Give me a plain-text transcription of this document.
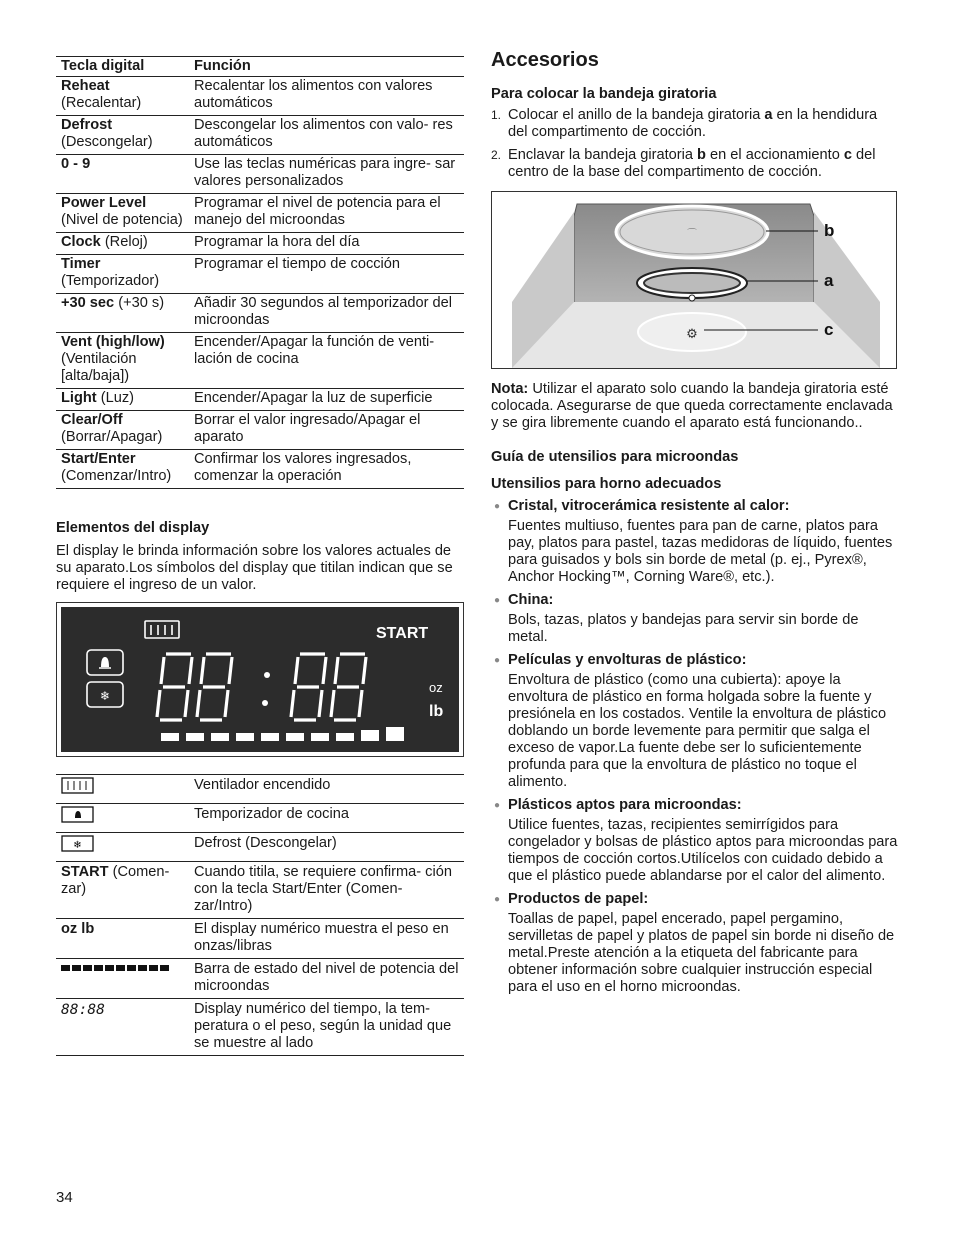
Tecla digital	Función
Reheat (Recalentar)	Recalentar los alimentos con valores automáticos
Defrost (Descongelar)	Descongelar los alimentos con valo- res automáticos
0 - 9	Use las teclas numéricas para ingre- sar valores personalizados
Power Level (Nivel de potencia)	Programar el nivel de potencia para el manejo del microondas
Clock (Reloj)	Programar la hora del día
Timer (Temporizador)	Programar el tiempo de cocción
+30 sec (+30 s)	Añadir 30 segundos al temporizador del microondas
Vent (high/low) (Ventilación [alta/baja])	Encender/Apagar la función de venti- lación de cocina
Light (Luz)	Encender/Apagar la luz de superficie
Clear/Off (Borrar/Apagar)	Borrar el valor ingresado/Apagar el aparato
Start/Enter (Comenzar/Intro)	Confirmar los valores ingresados, comenzar la operación

Elementos del display

El display le brinda información sobre los valores actuales de su aparato.Los símbolos del display que titilan indican que se requiere el ingreso de un valor.

START
❄
oz
lb
	Ventilador encendido
	Temporizador de cocina

❄	Defrost (Descongelar)
START (Comen- zar)	Cuando titila, se requiere confirma- ción con la tecla Start/Enter (Comen- zar/Intro)
oz lb	El display numérico muestra el peso en onzas/libras
	Barra de estado del nivel de potencia del microondas
88:88	Display numérico del tiempo, la tem- peratura o el peso, según la unidad que se muestre al lado

Accesorios

Para colocar la bandeja giratoria

1. Colocar el anillo de la bandeja giratoria a en la hendidura del compartimento de cocción.
2. Enclavar la bandeja giratoria b en el accionamiento c del centro de la base del compartimento de cocción.
⌒
⚙
b
a
c

Nota: Utilizar el aparato solo cuando la bandeja giratoria esté colocada. Asegurarse de que queda correctamente enclavada y se gira libremente cuando el aparato está funcionando..

Guía de utensilios para microondas

Utensilios para horno adecuados

● Cristal, vitrocerámica resistente al calor:
Fuentes multiuso, fuentes para pan de carne, platos para pay, platos para pastel, tazas medidoras de líquido, fuentes para guisados y bols sin borde de metal (p. ej., Pyrex®, Anchor Hocking™, Corning Ware®, etc.).
● China:
Bols, tazas, platos y bandejas para servir sin borde de metal.
● Películas y envolturas de plástico:
Envoltura de plástico (como una cubierta): apoye la envoltura de plástico en forma holgada sobre la fuente y presiónela en los costados. Ventile la envoltura de plástico doblando un borde levemente para permitir que salga el exceso de vapor.La fuente debe ser lo suficientemente profunda para que la envoltura de plástico no toque el alimento.
● Plásticos aptos para microondas:
Utilice fuentes, tazas, recipientes semirrígidos para congelador y bolsas de plástico aptos para microondas para tiempos de cocción cortos.Utilícelos con cuidado debido a que el plástico puede ablandarse por el calor del alimento.
● Productos de papel:
Toallas de papel, papel encerado, papel pergamino, servilletas de papel y platos de papel sin borde ni diseño de metal.Preste atención a la etiqueta del fabricante para obtener información sobre cualquier instrucción especial para el uso en el horno microondas.
34
